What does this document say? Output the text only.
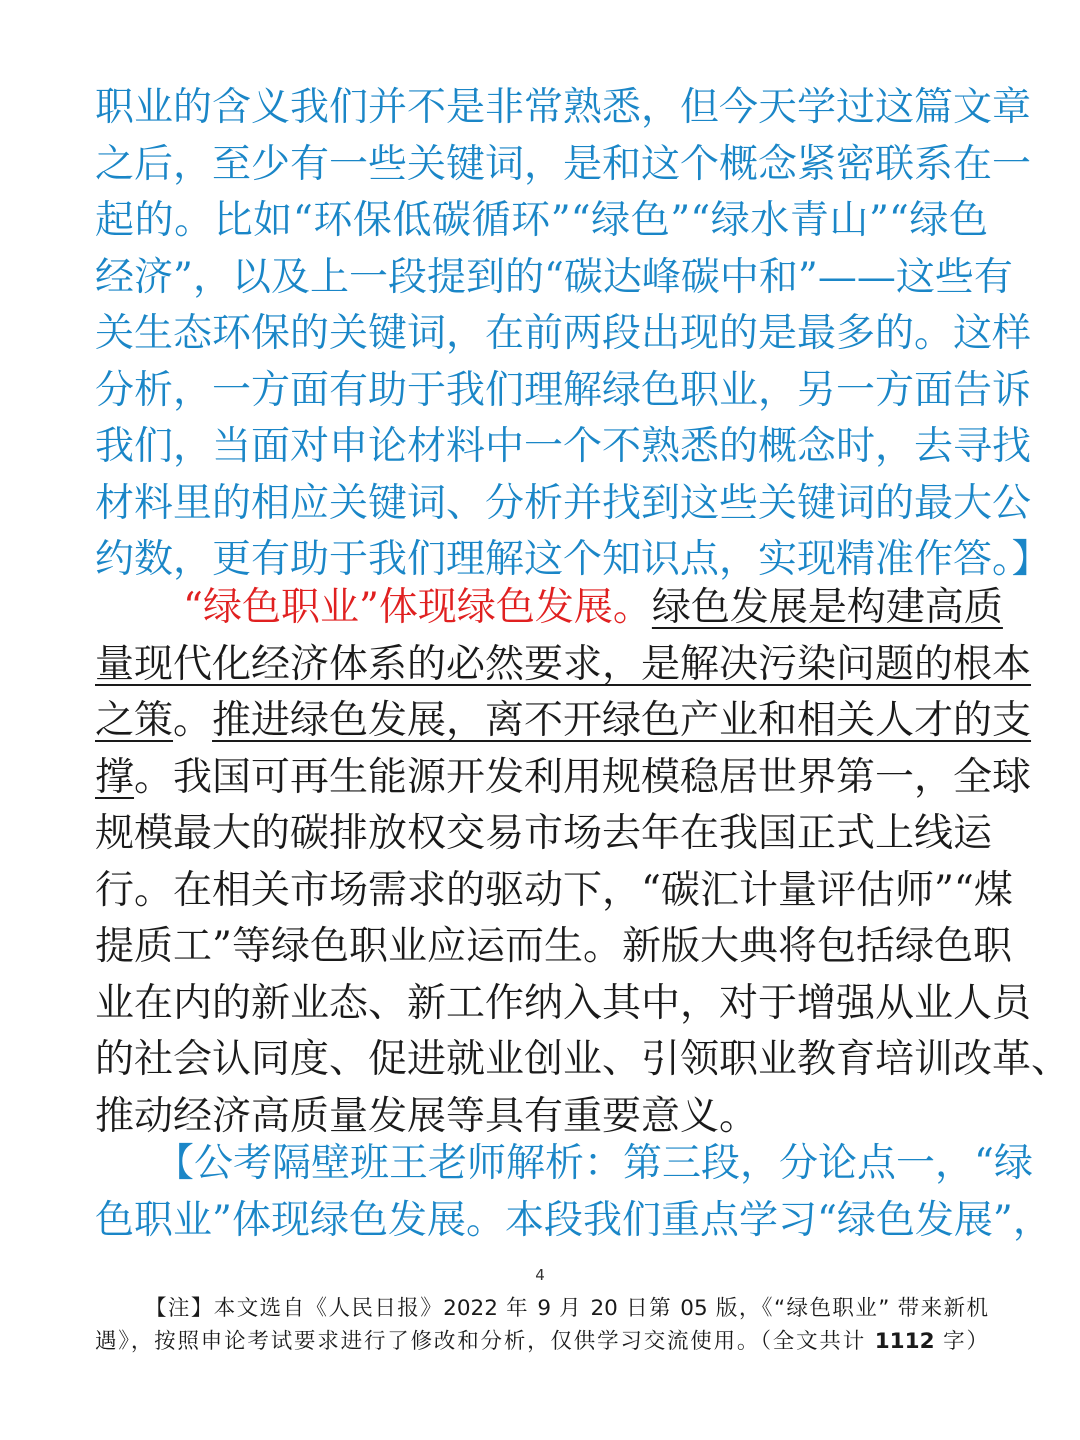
职业的含义我们并不是非常熟悉，但今天学过这篇文章
之后，至少有一些关键词，是和这个概念紧密联系在一
起的。比如“环保低碳循环”“绿色”“绿水青山”“绿色
经济”，以及上一段提到的“碳达峰碳中和”——这些有
关生态环保的关键词，在前两段出现的是最多的。这样
分析，一方面有助于我们理解绿色职业，另一方面告诉
我们，当面对申论材料中一个不熟悉的概念时，去寻找
材料里的相应关键词、分析并找到这些关键词的最大公
约数，更有助于我们理解这个知识点，实现精准作答。】
“绿色职业”体现绿色发展。绿色发展是构建高质
量现代化经济体系的必然要求，是解决污染问题的根本
之策。推进绿色发展，离不开绿色产业和相关人才的支
撑。我国可再生能源开发利用规模稳居世界第一，全球
规模最大的碳排放权交易市场去年在我国正式上线运
行。在相关市场需求的驱动下，“碳汇计量评估师”“煤
提质工”等绿色职业应运而生。新版大典将包括绿色职
业在内的新业态、新工作纳入其中，对于增强从业人员
的社会认同度、促进就业创业、引领职业教育培训改革、
推动经济高质量发展等具有重要意义。
【公考隔壁班王老师解析：第三段，分论点一，“绿
色职业”体现绿色发展。本段我们重点学习“绿色发展”，
4
【注】本文选自《人民日报》2022 年 9 月 20 日第 05 版，《“绿色职业” 带来新机
遇》，按照申论考试要求进行了修改和分析，仅供学习交流使用。（全文共计 1112 字）
